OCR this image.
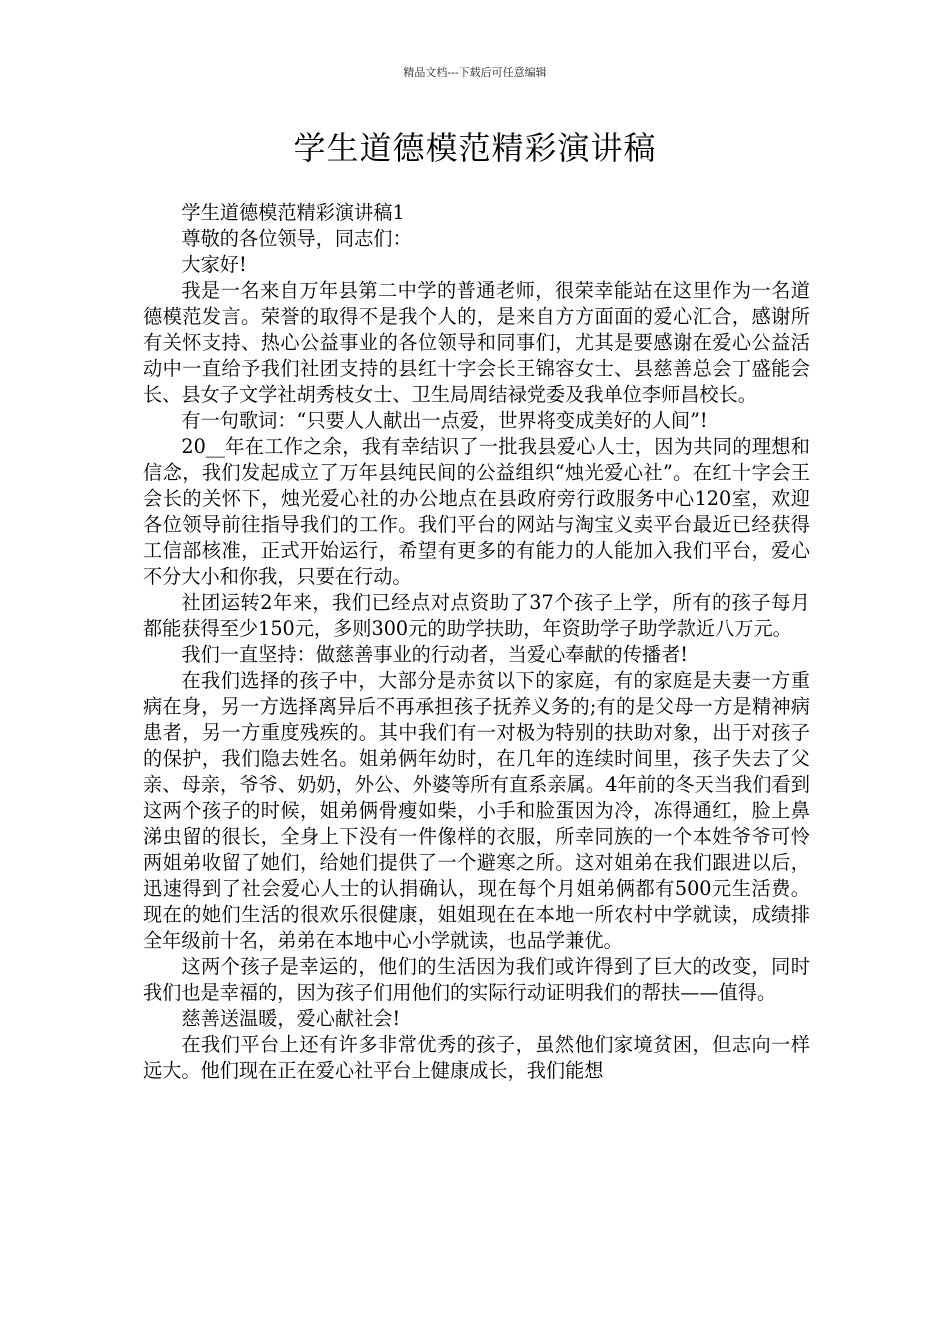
精品文档---下载后可任意编辑
学生道德模范精彩演讲稿

学生道德模范精彩演讲稿1

尊敬的各位领导，同志们：

大家好!

我是一名来自万年县第二中学的普通老师，很荣幸能站在这里作为一名道德模范发言。荣誉的取得不是我个人的，是来自方方面面的爱心汇合，感谢所有关怀支持、热心公益事业的各位领导和同事们，尤其是要感谢在爱心公益活动中一直给予我们社团支持的县红十字会长王锦容女士、县慈善总会丁盛能会长、县女子文学社胡秀枝女士、卫生局周结禄党委及我单位李师昌校长。

有一句歌词：“只要人人献出一点爱，世界将变成美好的人间”!

20__年在工作之余，我有幸结识了一批我县爱心人士，因为共同的理想和信念，我们发起成立了万年县纯民间的公益组织“烛光爱心社”。在红十字会王会长的关怀下，烛光爱心社的办公地点在县政府旁行政服务中心120室，欢迎各位领导前往指导我们的工作。我们平台的网站与淘宝义卖平台最近已经获得工信部核准，正式开始运行，希望有更多的有能力的人能加入我们平台，爱心不分大小和你我，只要在行动。

社团运转2年来，我们已经点对点资助了37个孩子上学，所有的孩子每月都能获得至少150元，多则300元的助学扶助，年资助学子助学款近八万元。

我们一直坚持：做慈善事业的行动者，当爱心奉献的传播者!

在我们选择的孩子中，大部分是赤贫以下的家庭，有的家庭是夫妻一方重病在身，另一方选择离异后不再承担孩子抚养义务的;有的是父母一方是精神病患者，另一方重度残疾的。其中我们有一对极为特别的扶助对象，出于对孩子的保护，我们隐去姓名。姐弟俩年幼时，在几年的连续时间里，孩子失去了父亲、母亲，爷爷、奶奶，外公、外婆等所有直系亲属。4年前的冬天当我们看到这两个孩子的时候，姐弟俩骨瘦如柴，小手和脸蛋因为冷，冻得通红，脸上鼻涕虫留的很长，全身上下没有一件像样的衣服，所幸同族的一个本姓爷爷可怜两姐弟收留了她们，给她们提供了一个避寒之所。这对姐弟在我们跟进以后，迅速得到了社会爱心人士的认捐确认，现在每个月姐弟俩都有500元生活费。现在的她们生活的很欢乐很健康，姐姐现在在本地一所农村中学就读，成绩排全年级前十名，弟弟在本地中心小学就读，也品学兼优。

这两个孩子是幸运的，他们的生活因为我们或许得到了巨大的改变，同时我们也是幸福的，因为孩子们用他们的实际行动证明我们的帮扶——值得。

慈善送温暖，爱心献社会!

在我们平台上还有许多非常优秀的孩子，虽然他们家境贫困，但志向一样远大。他们现在正在爱心社平台上健康成长，我们能想
